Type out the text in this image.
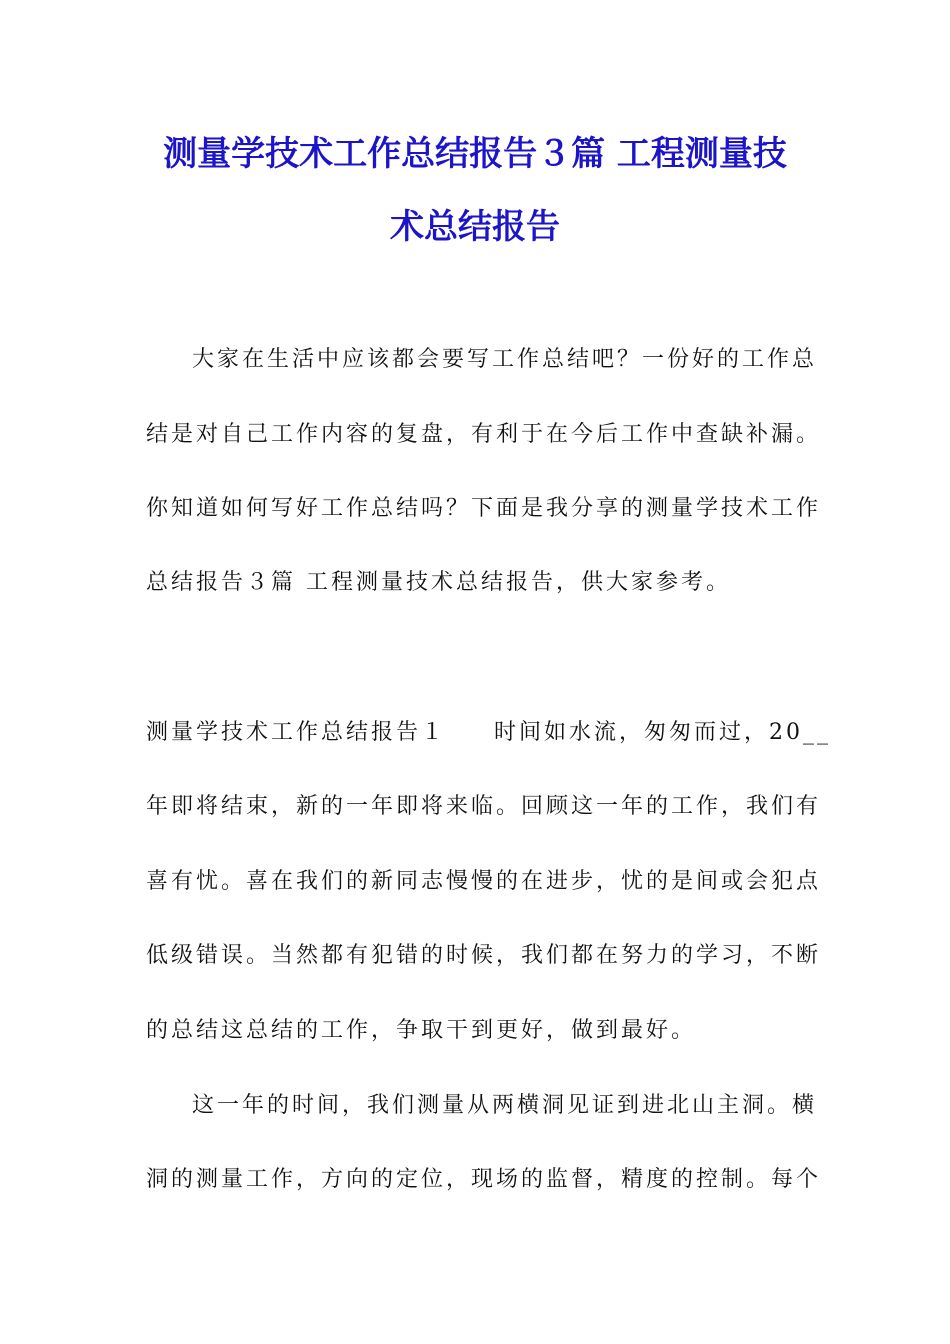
测量学技术工作总结报告３篇 工程测量技
术总结报告
大家在生活中应该都会要写工作总结吧？一份好的工作总
结是对自己工作内容的复盘，有利于在今后工作中查缺补漏。
你知道如何写好工作总结吗？下面是我分享的测量学技术工作
总结报告３篇 工程测量技术总结报告，供大家参考。
测量学技术工作总结报告１ 时间如水流，匆匆而过，20__
年即将结束，新的一年即将来临。回顾这一年的工作，我们有
喜有忧。喜在我们的新同志慢慢的在进步，忧的是间或会犯点
低级错误。当然都有犯错的时候，我们都在努力的学习，不断
的总结这总结的工作，争取干到更好，做到最好。
这一年的时间，我们测量从两横洞见证到进北山主洞。横
洞的测量工作，方向的定位，现场的监督，精度的控制。每个
